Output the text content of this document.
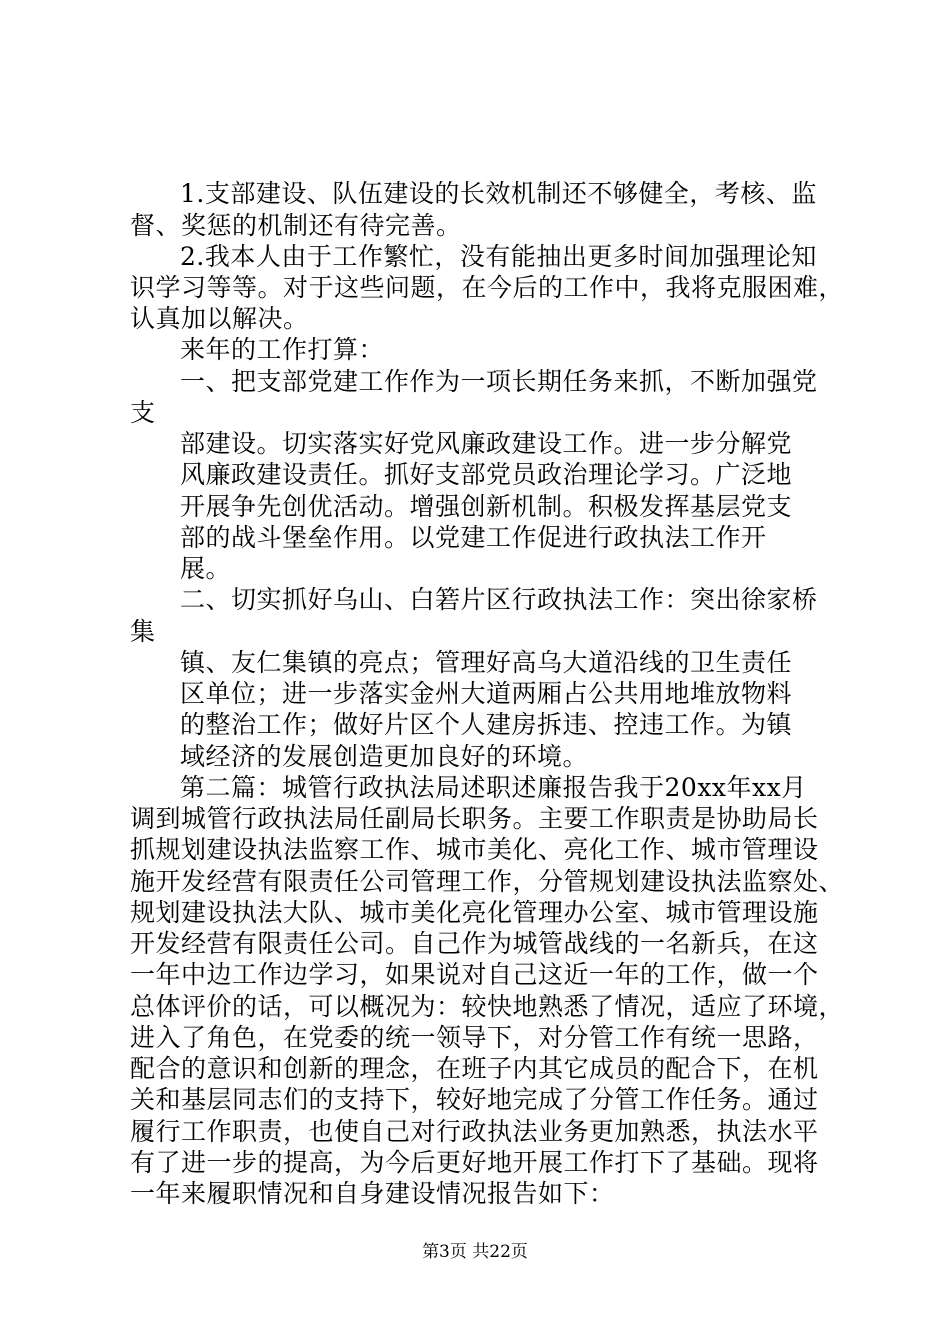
1.支部建设、队伍建设的长效机制还不够健全，考核、监
督、奖惩的机制还有待完善。
2.我本人由于工作繁忙，没有能抽出更多时间加强理论知
识学习等等。对于这些问题，在今后的工作中，我将克服困难，
认真加以解决。
来年的工作打算：
一、把支部党建工作作为一项长期任务来抓，不断加强党
支
部建设。切实落实好党风廉政建设工作。进一步分解党
风廉政建设责任。抓好支部党员政治理论学习。广泛地
开展争先创优活动。增强创新机制。积极发挥基层党支
部的战斗堡垒作用。以党建工作促进行政执法工作开
展。
二、切实抓好乌山、白箬片区行政执法工作：突出徐家桥
集
镇、友仁集镇的亮点；管理好高乌大道沿线的卫生责任
区单位；进一步落实金州大道两厢占公共用地堆放物料
的整治工作；做好片区个人建房拆违、控违工作。为镇
域经济的发展创造更加良好的环境。
第二篇：城管行政执法局述职述廉报告我于20xx年xx月
调到城管行政执法局任副局长职务。主要工作职责是协助局长
抓规划建设执法监察工作、城市美化、亮化工作、城市管理设
施开发经营有限责任公司管理工作，分管规划建设执法监察处、
规划建设执法大队、城市美化亮化管理办公室、城市管理设施
开发经营有限责任公司。自己作为城管战线的一名新兵，在这
一年中边工作边学习，如果说对自己这近一年的工作，做一个
总体评价的话，可以概况为：较快地熟悉了情况，适应了环境，
进入了角色，在党委的统一领导下，对分管工作有统一思路，
配合的意识和创新的理念，在班子内其它成员的配合下，在机
关和基层同志们的支持下，较好地完成了分管工作任务。通过
履行工作职责，也使自己对行政执法业务更加熟悉，执法水平
有了进一步的提高，为今后更好地开展工作打下了基础。现将
一年来履职情况和自身建设情况报告如下：
第3页 共22页
